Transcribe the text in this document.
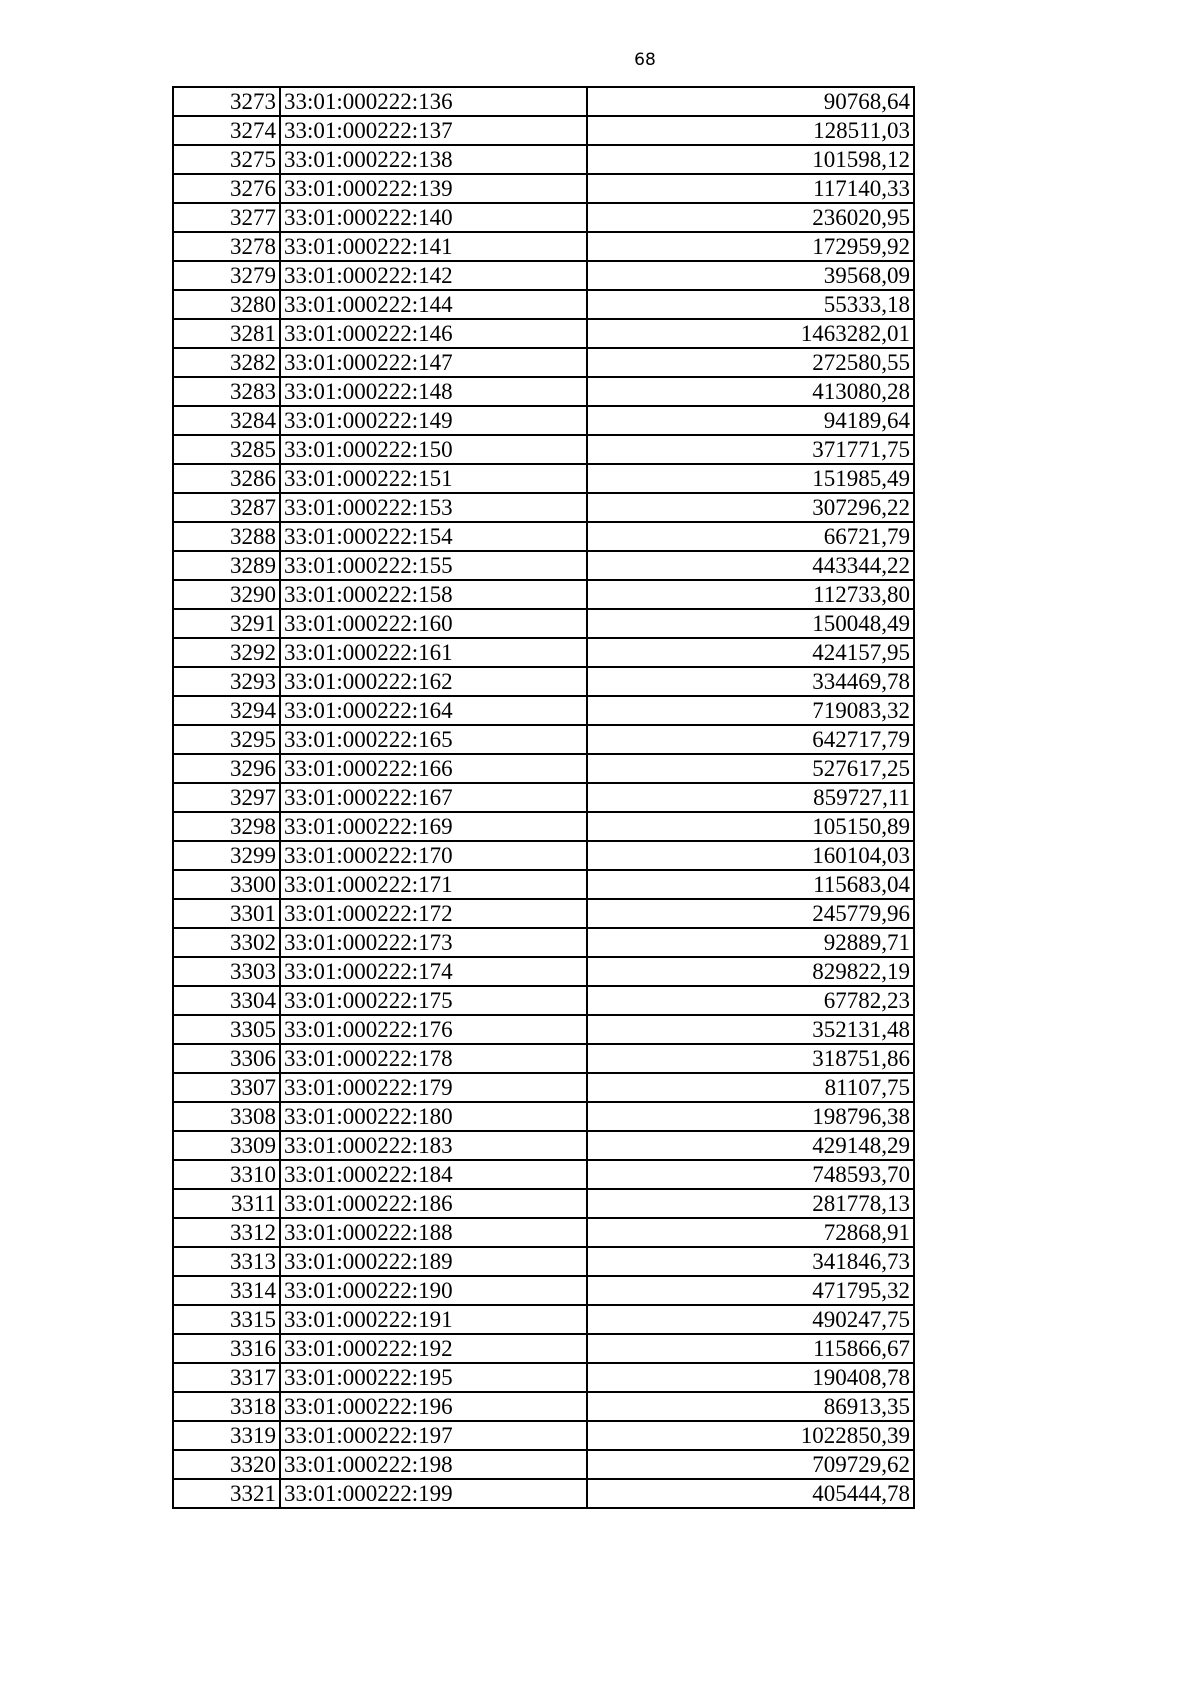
68
3273	33:01:000222:136	90768,64
3274	33:01:000222:137	128511,03
3275	33:01:000222:138	101598,12
3276	33:01:000222:139	117140,33
3277	33:01:000222:140	236020,95
3278	33:01:000222:141	172959,92
3279	33:01:000222:142	39568,09
3280	33:01:000222:144	55333,18
3281	33:01:000222:146	1463282,01
3282	33:01:000222:147	272580,55
3283	33:01:000222:148	413080,28
3284	33:01:000222:149	94189,64
3285	33:01:000222:150	371771,75
3286	33:01:000222:151	151985,49
3287	33:01:000222:153	307296,22
3288	33:01:000222:154	66721,79
3289	33:01:000222:155	443344,22
3290	33:01:000222:158	112733,80
3291	33:01:000222:160	150048,49
3292	33:01:000222:161	424157,95
3293	33:01:000222:162	334469,78
3294	33:01:000222:164	719083,32
3295	33:01:000222:165	642717,79
3296	33:01:000222:166	527617,25
3297	33:01:000222:167	859727,11
3298	33:01:000222:169	105150,89
3299	33:01:000222:170	160104,03
3300	33:01:000222:171	115683,04
3301	33:01:000222:172	245779,96
3302	33:01:000222:173	92889,71
3303	33:01:000222:174	829822,19
3304	33:01:000222:175	67782,23
3305	33:01:000222:176	352131,48
3306	33:01:000222:178	318751,86
3307	33:01:000222:179	81107,75
3308	33:01:000222:180	198796,38
3309	33:01:000222:183	429148,29
3310	33:01:000222:184	748593,70
3311	33:01:000222:186	281778,13
3312	33:01:000222:188	72868,91
3313	33:01:000222:189	341846,73
3314	33:01:000222:190	471795,32
3315	33:01:000222:191	490247,75
3316	33:01:000222:192	115866,67
3317	33:01:000222:195	190408,78
3318	33:01:000222:196	86913,35
3319	33:01:000222:197	1022850,39
3320	33:01:000222:198	709729,62
3321	33:01:000222:199	405444,78
